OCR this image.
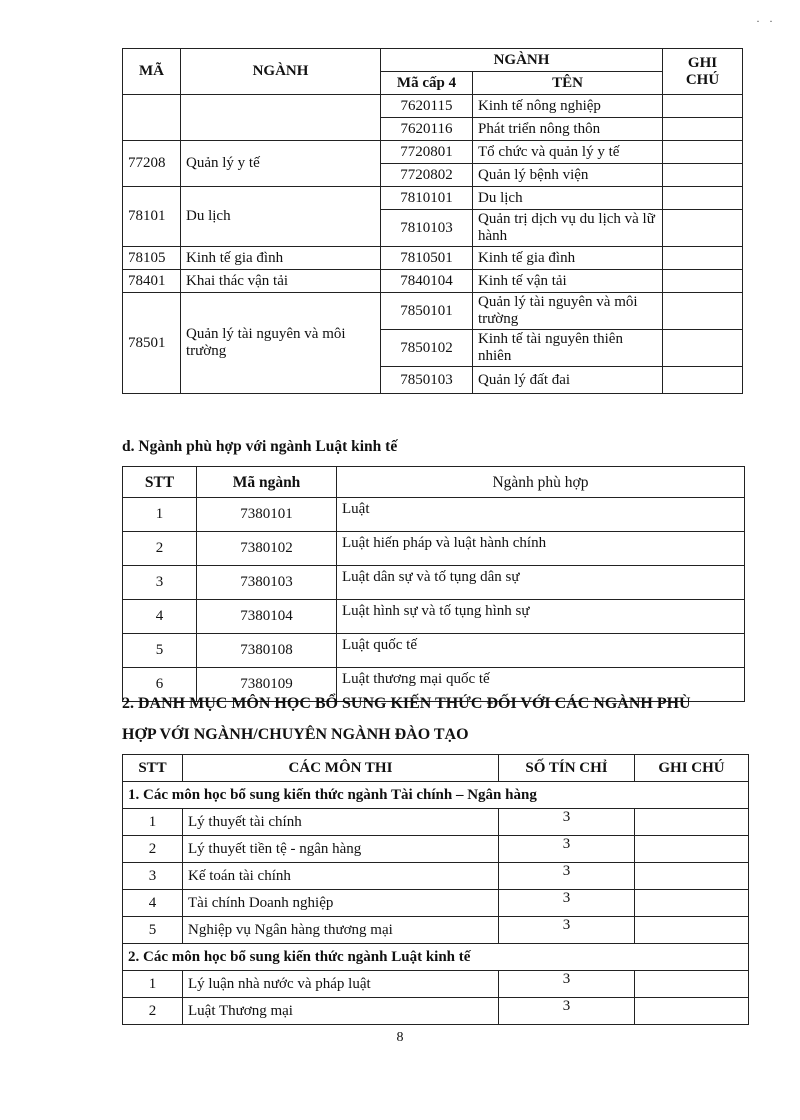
· ·
MÃ	NGÀNH	NGÀNH		GHI
CHÚ
		Mã cấp 4	TÊN	
		7620115	Kinh tế nông nghiệp	
		7620116	Phát triển nông thôn	
77208	Quản lý y tế	7720801	Tổ chức và quản lý y tế	
		7720802	Quản lý bệnh viện	
78101	Du lịch	7810101	Du lịch	
		7810103	Quản trị dịch vụ du lịch và lữ hành	
78105	Kinh tế gia đình	7810501	Kinh tế gia đình	
78401	Khai thác vận tải	7840104	Kinh tế vận tải	
78501	Quản lý tài nguyên và môi trường	7850101	Quản lý tài nguyên và môi trường	
		7850102	Kinh tế tài nguyên thiên nhiên	
		7850103	Quản lý đất đai	
d. Ngành phù hợp với ngành Luật kinh tế
STT	Mã ngành	Ngành phù hợp
1	7380101	Luật
2	7380102	Luật hiến pháp và luật hành chính
3	7380103	Luật dân sự và tố tụng dân sự
4	7380104	Luật hình sự và tố tụng hình sự
5	7380108	Luật quốc tế
6	7380109	Luật thương mại quốc tế
2. DANH MỤC MÔN HỌC BỔ SUNG KIẾN THỨC ĐỐI VỚI CÁC NGÀNH PHÙ
HỢP VỚI NGÀNH/CHUYÊN NGÀNH ĐÀO TẠO
STT	CÁC MÔN THI	SỐ TÍN CHỈ	GHI CHÚ
1. Các môn học bổ sung kiến thức ngành Tài chính – Ngân hàng			
1	Lý thuyết tài chính	3	
2	Lý thuyết tiền tệ - ngân hàng	3	
3	Kế toán tài chính	3	
4	Tài chính Doanh nghiệp	3	
5	Nghiệp vụ Ngân hàng thương mại	3	
2. Các môn học bổ sung kiến thức ngành Luật kinh tế			
1	Lý luận nhà nước và pháp luật	3	
2	Luật Thương mại	3	
8
